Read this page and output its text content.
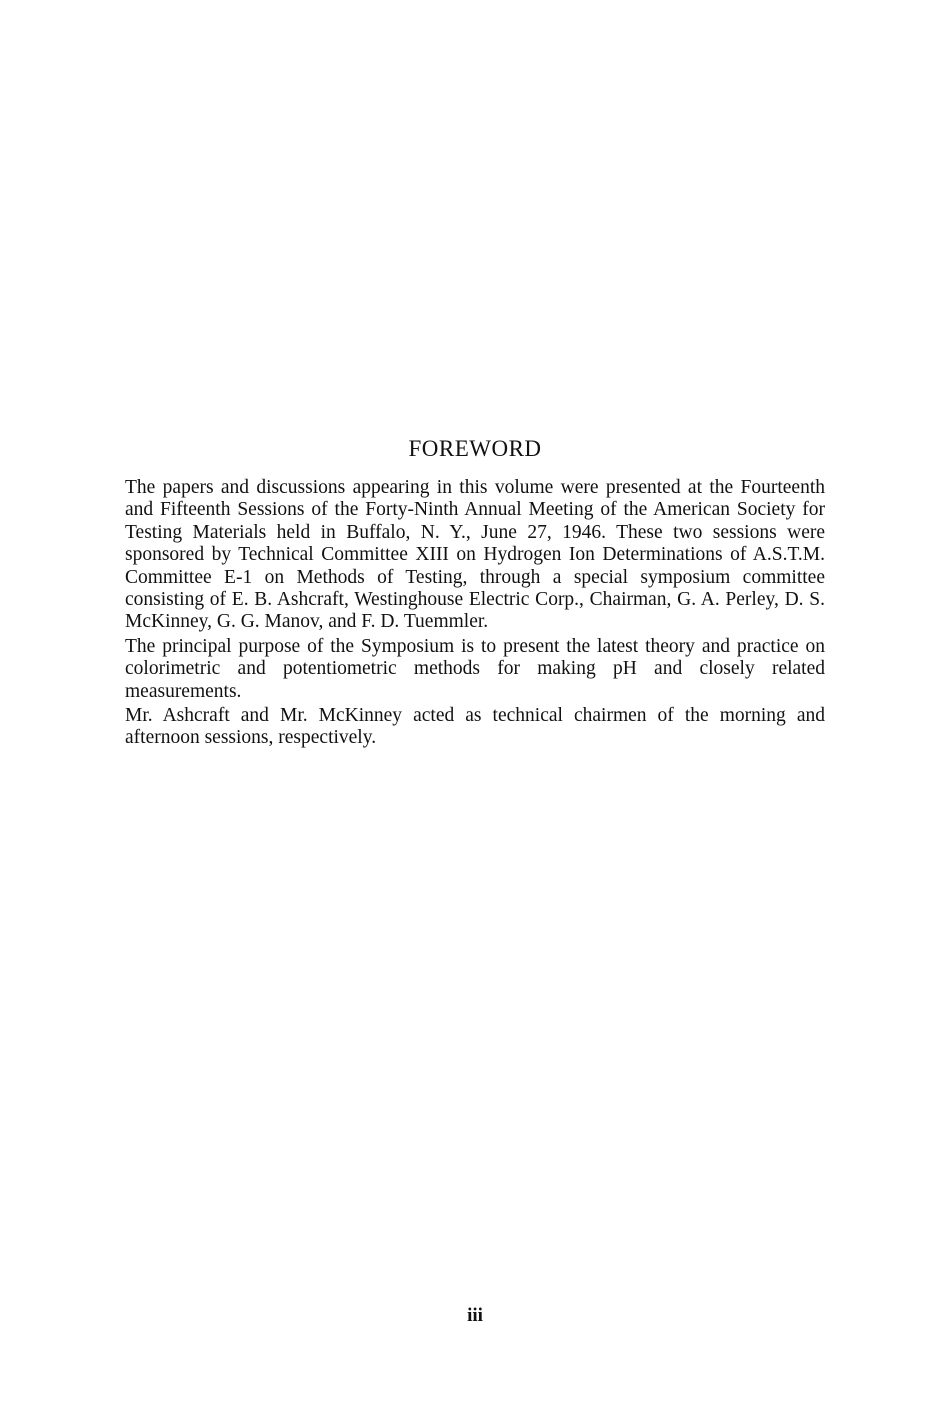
FOREWORD

The papers and discussions appearing in this volume were presented at the Fourteenth and Fifteenth Sessions of the Forty-Ninth Annual Meeting of the American Society for Testing Materials held in Buffalo, N. Y., June 27, 1946. These two sessions were sponsored by Technical Committee XIII on Hydrogen Ion Determinations of A.S.T.M. Committee E-1 on Methods of Testing, through a special symposium committee consisting of E. B. Ashcraft, Westinghouse Electric Corp., Chairman, G. A. Perley, D. S. McKinney, G. G. Manov, and F. D. Tuemmler.

The principal purpose of the Symposium is to present the latest theory and practice on colorimetric and potentiometric methods for making pH and closely related measurements.

Mr. Ashcraft and Mr. McKinney acted as technical chairmen of the morning and afternoon sessions, respectively.

iii
